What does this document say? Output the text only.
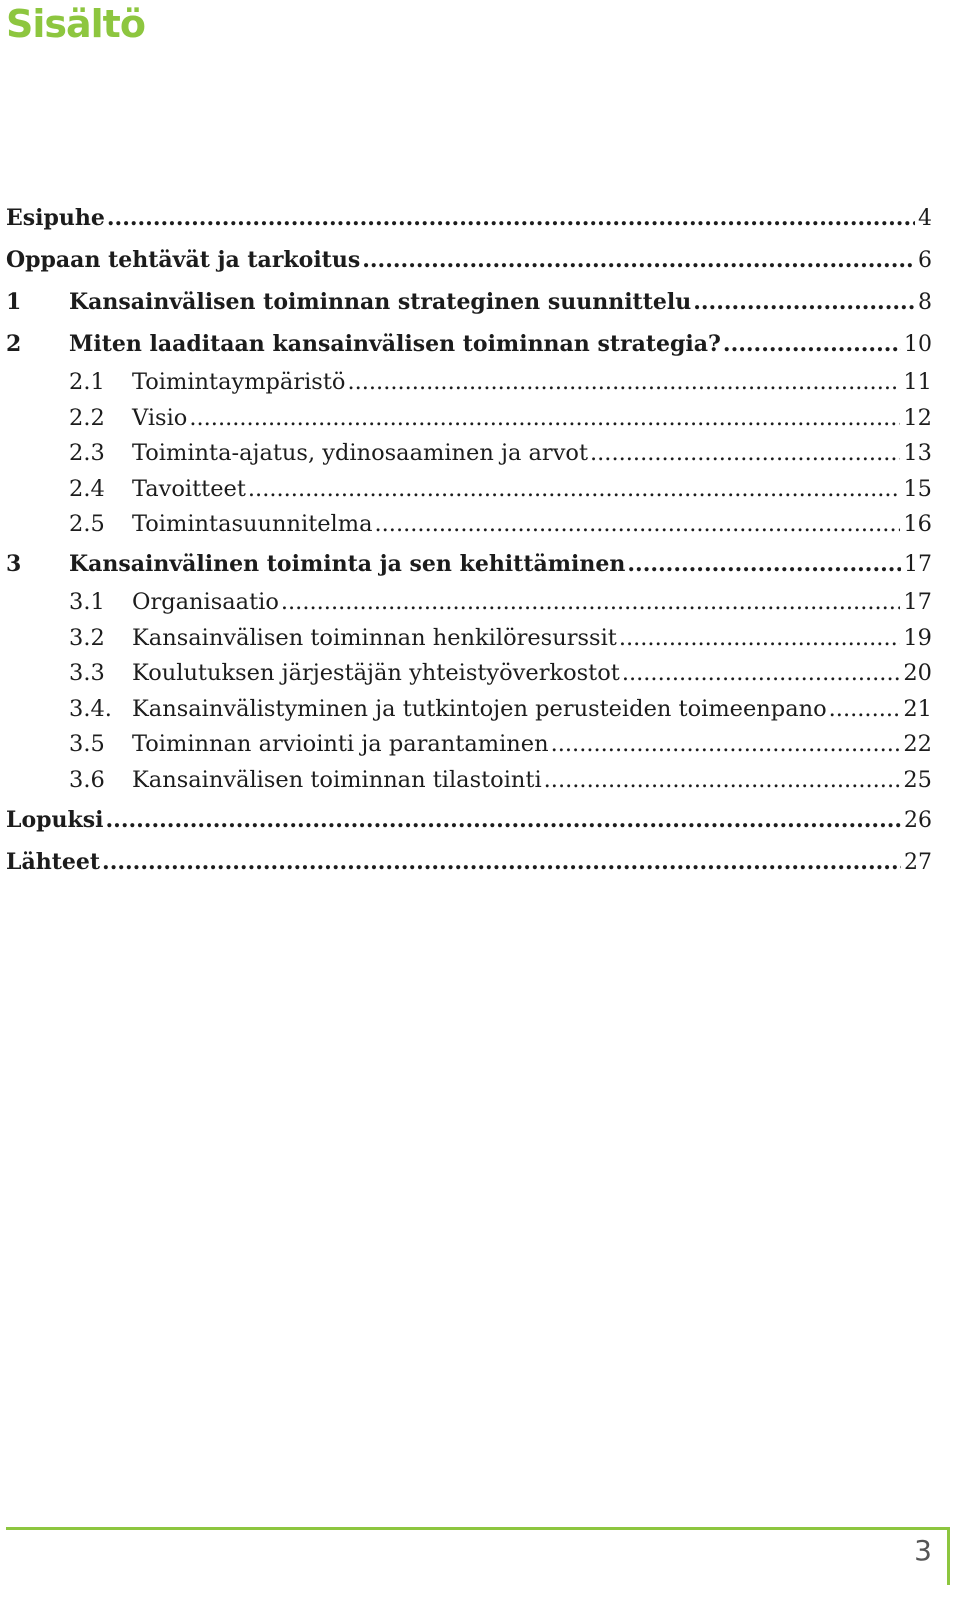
Sisältö
Esipuhe .....	4
Oppaan tehtävät ja tarkoitus .....	6
1	Kansainvälisen toiminnan strateginen suunnittelu .....	8
2	Miten laaditaan kansainvälisen toiminnan strategia? .....	10
2.1	Toimintaympäristö .....	11
2.2	Visio .....	12
2.3	Toiminta-ajatus, ydinosaaminen ja arvot .....	13
2.4	Tavoitteet .....	15
2.5	Toimintasuunnitelma .....	16
3	Kansainvälinen toiminta ja sen kehittäminen .....	17
3.1	Organisaatio .....	17
3.2	Kansainvälisen toiminnan henkilöresurssit .....	19
3.3	Koulutuksen järjestäjän yhteistyöverkostot .....	20
3.4. Kansainvälistyminen ja tutkintojen perusteiden toimeenpano .....	21
3.5	Toiminnan arviointi ja parantaminen .....	22
3.6	Kansainvälisen toiminnan tilastointi .....	25
Lopuksi .....	26
Lähteet .....	27
3
